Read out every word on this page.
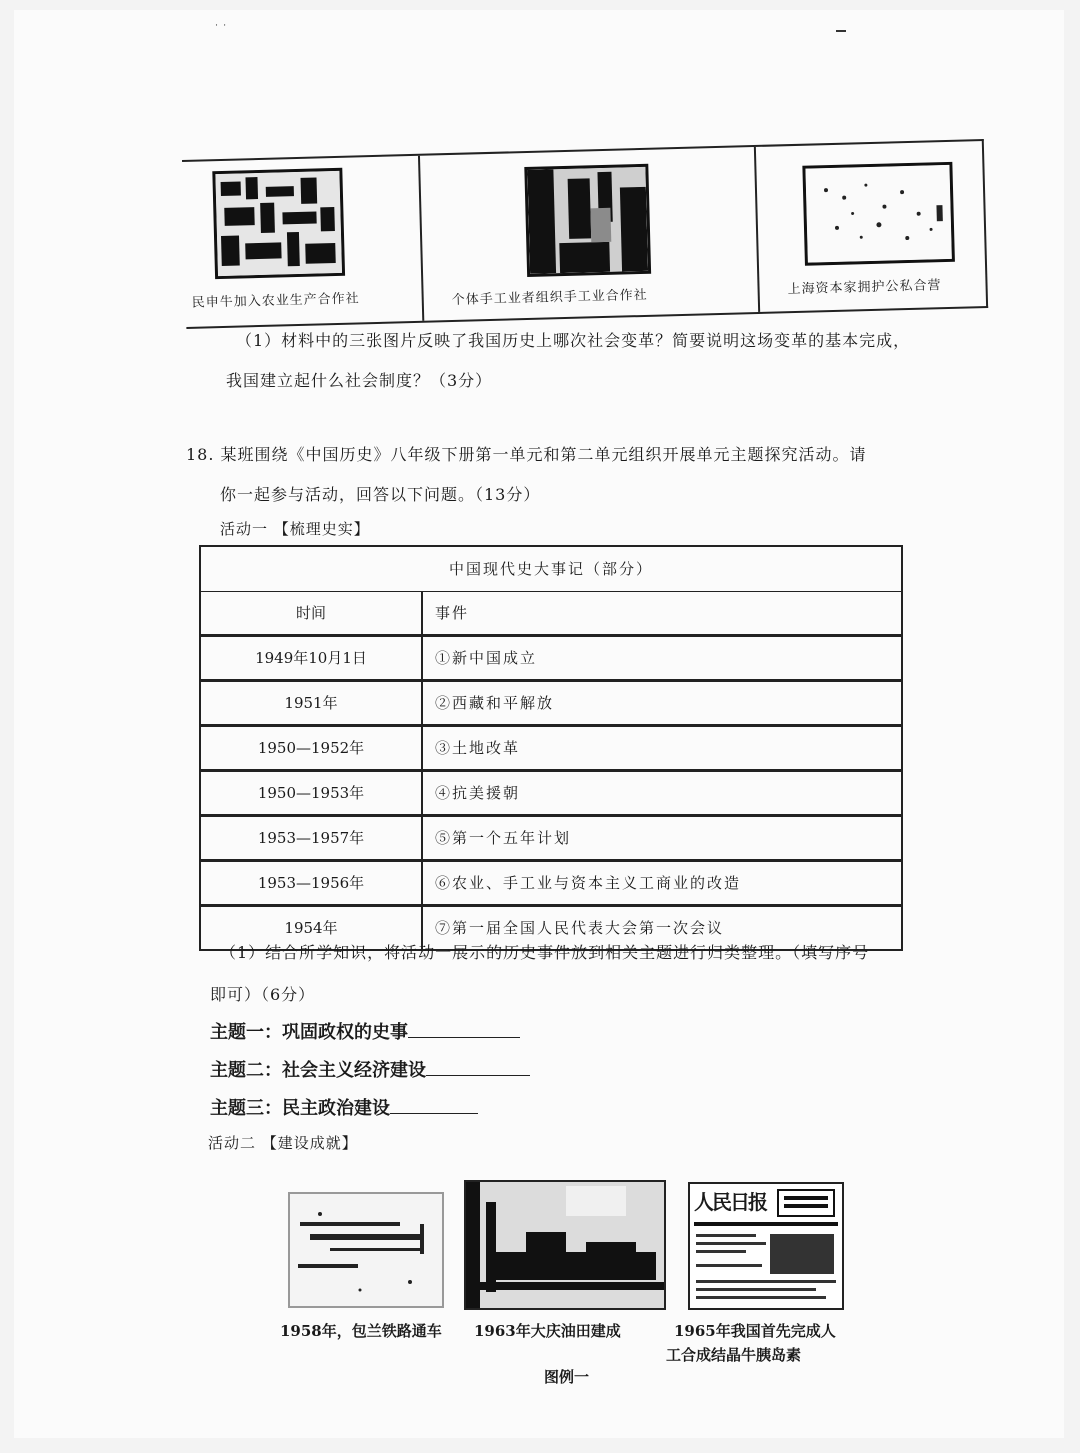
˙ ˙
民申牛加入农业生产合作社	个体手工业者组织手工业合作社
上海资本家拥护公私合营
（1）材料中的三张图片反映了我国历史上哪次社会变革？简要说明这场变革的基本完成，
我国建立起什么社会制度？（3分）
18. 某班围绕《中国历史》八年级下册第一单元和第二单元组织开展单元主题探究活动。请
你一起参与活动，回答以下问题。（13分）
活动一 【梳理史实】
中国现代史大事记（部分）
时间	事件
1949年10月1日	①新中国成立
1951年	②西藏和平解放
1950—1952年	③土地改革
1950—1953年	④抗美援朝
1953—1957年	⑤第一个五年计划
1953—1956年	⑥农业、手工业与资本主义工商业的改造
1954年	⑦第一届全国人民代表大会第一次会议
（1）结合所学知识，将活动一展示的历史事件放到相关主题进行归类整理。（填写序号
即可）（6分）
主题一：巩固政权的史事
主题二：社会主义经济建设
主题三：民主政治建设
活动二 【建设成就】
人民日报
1958年，包兰铁路通车 1963年大庆油田建成	1965年我国首先完成人
工合成结晶牛胰岛素
图例一
